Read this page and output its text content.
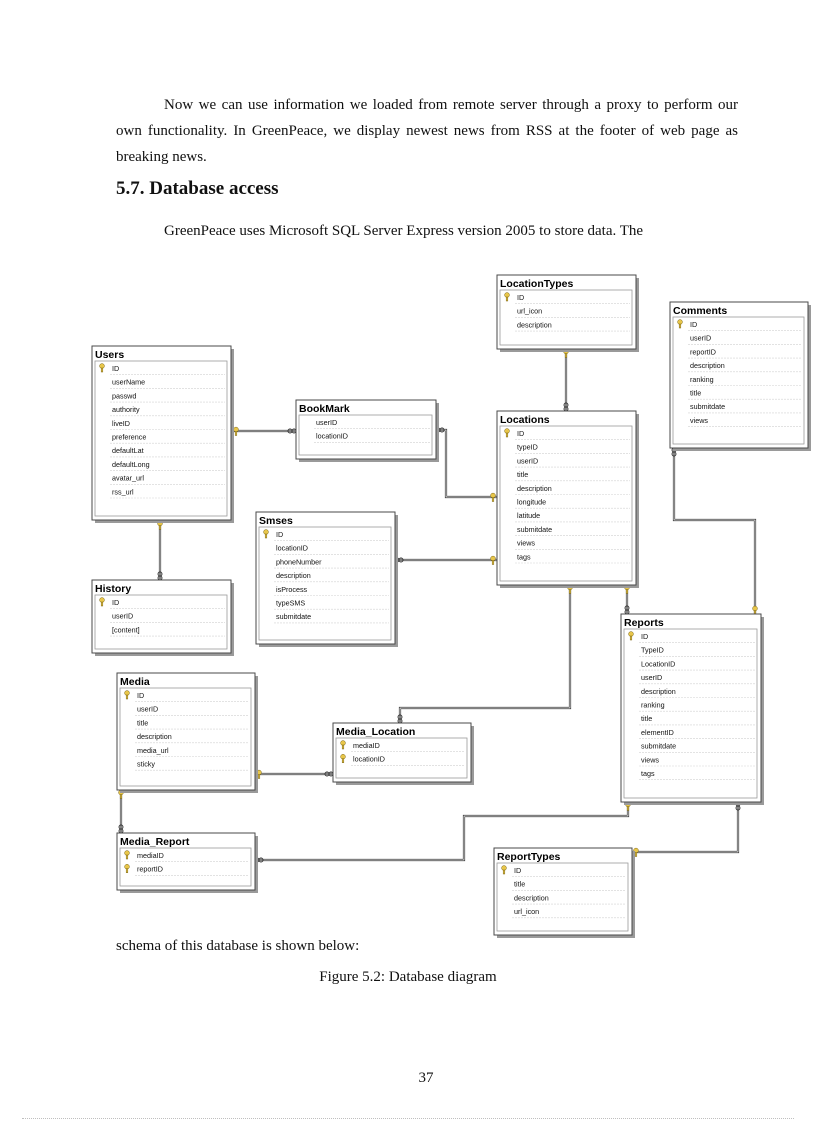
Now we can use information we loaded from remote server through a proxy to perform our own functionality. In GreenPeace, we display newest news from RSS at the footer of web page as breaking news.
5.7. Database access
GreenPeace uses Microsoft SQL Server Express version 2005 to store data. The
Users
ID
userName
passwd
authority
liveID
preference
defaultLat
defaultLong
avatar_url
rss_url
BookMark
userID
locationID
LocationTypes
ID
url_icon
description
Locations
ID
typeID
userID
title
description
longitude
latitude
submitdate
views
tags
Comments
ID
userID
reportID
description
ranking
title
submitdate
views
Smses
ID
locationID
phoneNumber
description
isProcess
typeSMS
submitdate
History
ID
userID
[content]
Media
ID
userID
title
description
media_url
sticky
Media_Location
mediaID
locationID
Reports
ID
TypeID
LocationID
userID
description
ranking
title
elementID
submitdate
views
tags
Media_Report
mediaID
reportID
ReportTypes
ID
title
description
url_icon
schema of this database is shown below:
Figure 5.2: Database diagram
37
